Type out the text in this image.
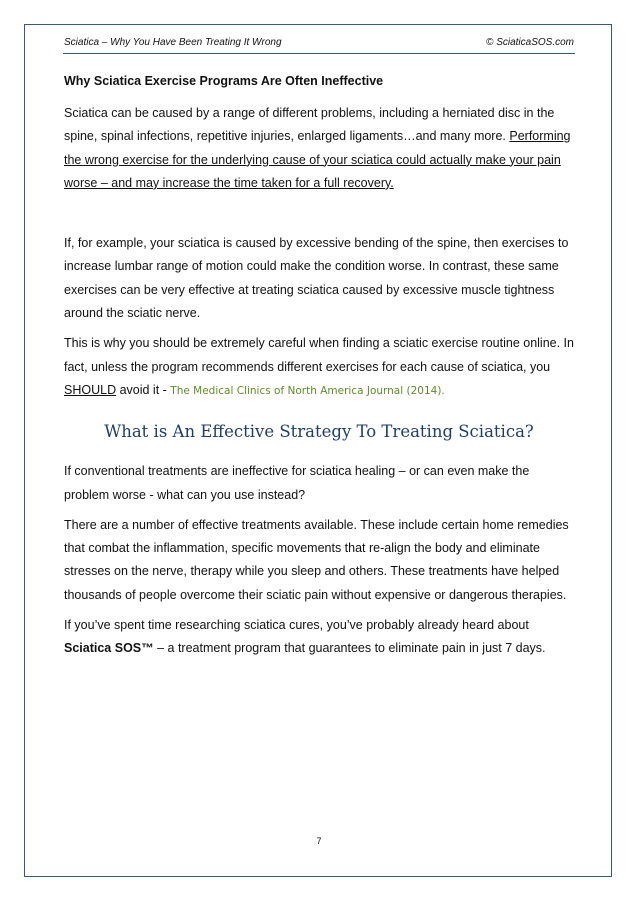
Sciatica – Why You Have Been Treating It Wrong	© SciaticaSOS.com
Why Sciatica Exercise Programs Are Often Ineffective

Sciatica can be caused by a range of different problems, including a herniated disc in the spine, spinal infections, repetitive injuries, enlarged ligaments…and many more. Performing the wrong exercise for the underlying cause of your sciatica could actually make your pain worse – and may increase the time taken for a full recovery.

If, for example, your sciatica is caused by excessive bending of the spine, then exercises to increase lumbar range of motion could make the condition worse. In contrast, these same exercises can be very effective at treating sciatica caused by excessive muscle tightness around the sciatic nerve.

This is why you should be extremely careful when finding a sciatic exercise routine online. In fact, unless the program recommends different exercises for each cause of sciatica, you SHOULD avoid it - The Medical Clinics of North America Journal (2014).

What is An Effective Strategy To Treating Sciatica?

If conventional treatments are ineffective for sciatica healing – or can even make the problem worse - what can you use instead?

There are a number of effective treatments available. These include certain home remedies that combat the inflammation, specific movements that re-align the body and eliminate stresses on the nerve, therapy while you sleep and others. These treatments have helped thousands of people overcome their sciatic pain without expensive or dangerous therapies.

If you’ve spent time researching sciatica cures, you’ve probably already heard about Sciatica SOS™ – a treatment program that guarantees to eliminate pain in just 7 days.

7
